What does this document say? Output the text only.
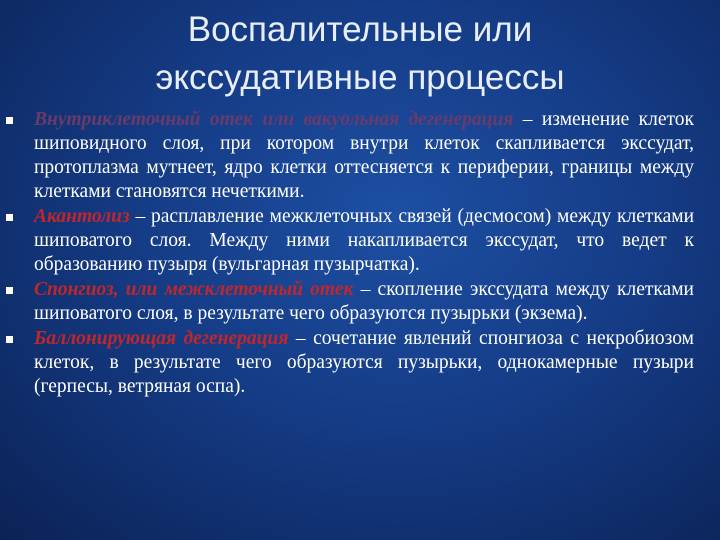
Воспалительные или
экссудативные процессы
Внутриклеточный отек или вакуольная дегенерация – изменение клеток шиповидного слоя, при котором внутри клеток скапливается экссудат, протоплазма мутнеет, ядро клетки оттесняется к периферии, границы между клетками становятся нечеткими.
Акантолиз – расплавление межклеточных связей (десмосом) между клетками шиповатого слоя. Между ними накапливается экссудат, что ведет к образованию пузыря (вульгарная пузырчатка).
Спонгиоз, или межклеточный отек – скопление экссудата между клетками шиповатого слоя, в результате чего образуются пузырьки (экзема).
Баллонирующая дегенерация – сочетание явлений спонгиоза с некробиозом клеток, в результате чего образуются пузырьки, однокамерные пузыри (герпесы, ветряная оспа).
